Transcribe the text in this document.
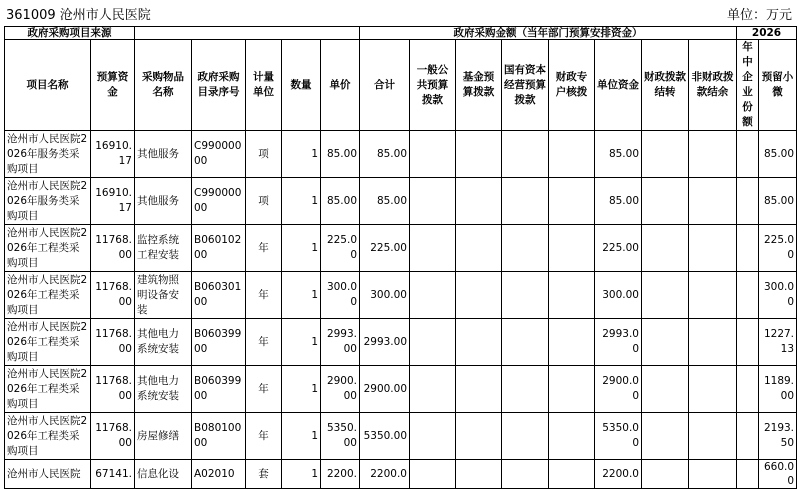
361009 沧州市人民医院	单位：万元
政府采购项目来源							政府采购金额（当年部门预算安排资金）								2026	
项目名称	预算资金	采购物品名称	政府采购目录序号	计量单位	数量	单价	合计	一般公共预算拨款	基金预算拨款	国有资本经营预算拨款	财政专户核拨	单位资金	财政拨款结转	非财政拨款结余	年中企业份额	预留小微
沧州市人民医院2026年服务类采购项目	16910.17	其他服务	C99000000	项	1	85.00	85.00					85.00				85.00
沧州市人民医院2026年服务类采购项目	16910.17	其他服务	C99000000	项	1	85.00	85.00					85.00				85.00
沧州市人民医院2026年工程类采购项目	11768.00	监控系统工程安装	B06010200	年	1	225.00	225.00					225.00				225.00
沧州市人民医院2026年工程类采购项目	11768.00	建筑物照明设备安装	B06030100	年	1	300.00	300.00					300.00				300.00
沧州市人民医院2026年工程类采购项目	11768.00	其他电力系统安装	B06039900	年	1	2993.00	2993.00					2993.00				1227.13
沧州市人民医院2026年工程类采购项目	11768.00	其他电力系统安装	B06039900	年	1	2900.00	2900.00					2900.00				1189.00
沧州市人民医院2026年工程类采购项目	11768.00	房屋修缮	B08010000	年	1	5350.00	5350.00					5350.00				2193.50
沧州市人民医院	67141.	信息化设	A02010	套	1	2200.	2200.0					2200.0				660.00
